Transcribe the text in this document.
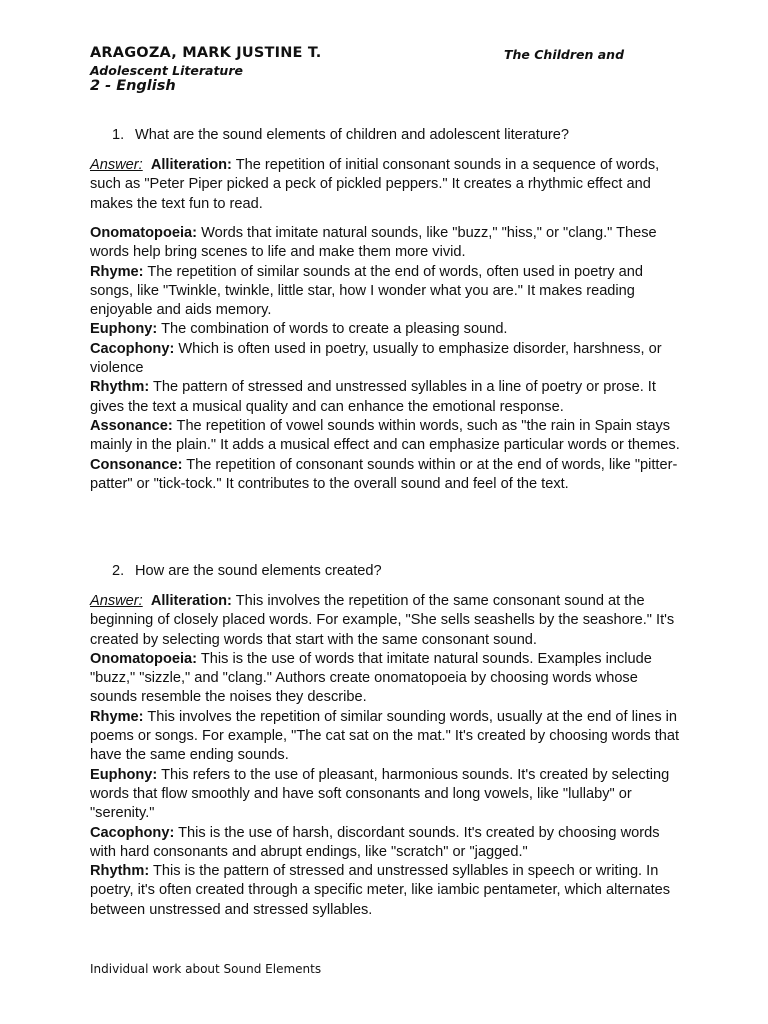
ARAGOZA, MARK JUSTINE T.	The Children and
Adolescent Literature
2 - English
1. What are the sound elements of children and adolescent literature?

Answer: Alliteration: The repetition of initial consonant sounds in a sequence of words, such as "Peter Piper picked a peck of pickled peppers." It creates a rhythmic effect and makes the text fun to read.

Onomatopoeia: Words that imitate natural sounds, like "buzz," "hiss," or "clang." These words help bring scenes to life and make them more vivid.

Rhyme: The repetition of similar sounds at the end of words, often used in poetry and songs, like "Twinkle, twinkle, little star, how I wonder what you are." It makes reading enjoyable and aids memory.

Euphony: The combination of words to create a pleasing sound.

Cacophony: Which is often used in poetry, usually to emphasize disorder, harshness, or violence

Rhythm: The pattern of stressed and unstressed syllables in a line of poetry or prose. It gives the text a musical quality and can enhance the emotional response.

Assonance: The repetition of vowel sounds within words, such as "the rain in Spain stays mainly in the plain." It adds a musical effect and can emphasize particular words or themes.

Consonance: The repetition of consonant sounds within or at the end of words, like "pitter-patter" or "tick-tock." It contributes to the overall sound and feel of the text.

2. How are the sound elements created?

Answer: Alliteration: This involves the repetition of the same consonant sound at the beginning of closely placed words. For example, "She sells seashells by the seashore." It's created by selecting words that start with the same consonant sound.

Onomatopoeia: This is the use of words that imitate natural sounds. Examples include "buzz," "sizzle," and "clang." Authors create onomatopoeia by choosing words whose sounds resemble the noises they describe.

Rhyme: This involves the repetition of similar sounding words, usually at the end of lines in poems or songs. For example, "The cat sat on the mat." It's created by choosing words that have the same ending sounds.

Euphony: This refers to the use of pleasant, harmonious sounds. It's created by selecting words that flow smoothly and have soft consonants and long vowels, like "lullaby" or "serenity."

Cacophony: This is the use of harsh, discordant sounds. It's created by choosing words with hard consonants and abrupt endings, like "scratch" or "jagged."

Rhythm: This is the pattern of stressed and unstressed syllables in speech or writing. In poetry, it's often created through a specific meter, like iambic pentameter, which alternates between unstressed and stressed syllables.

Individual work about Sound Elements
